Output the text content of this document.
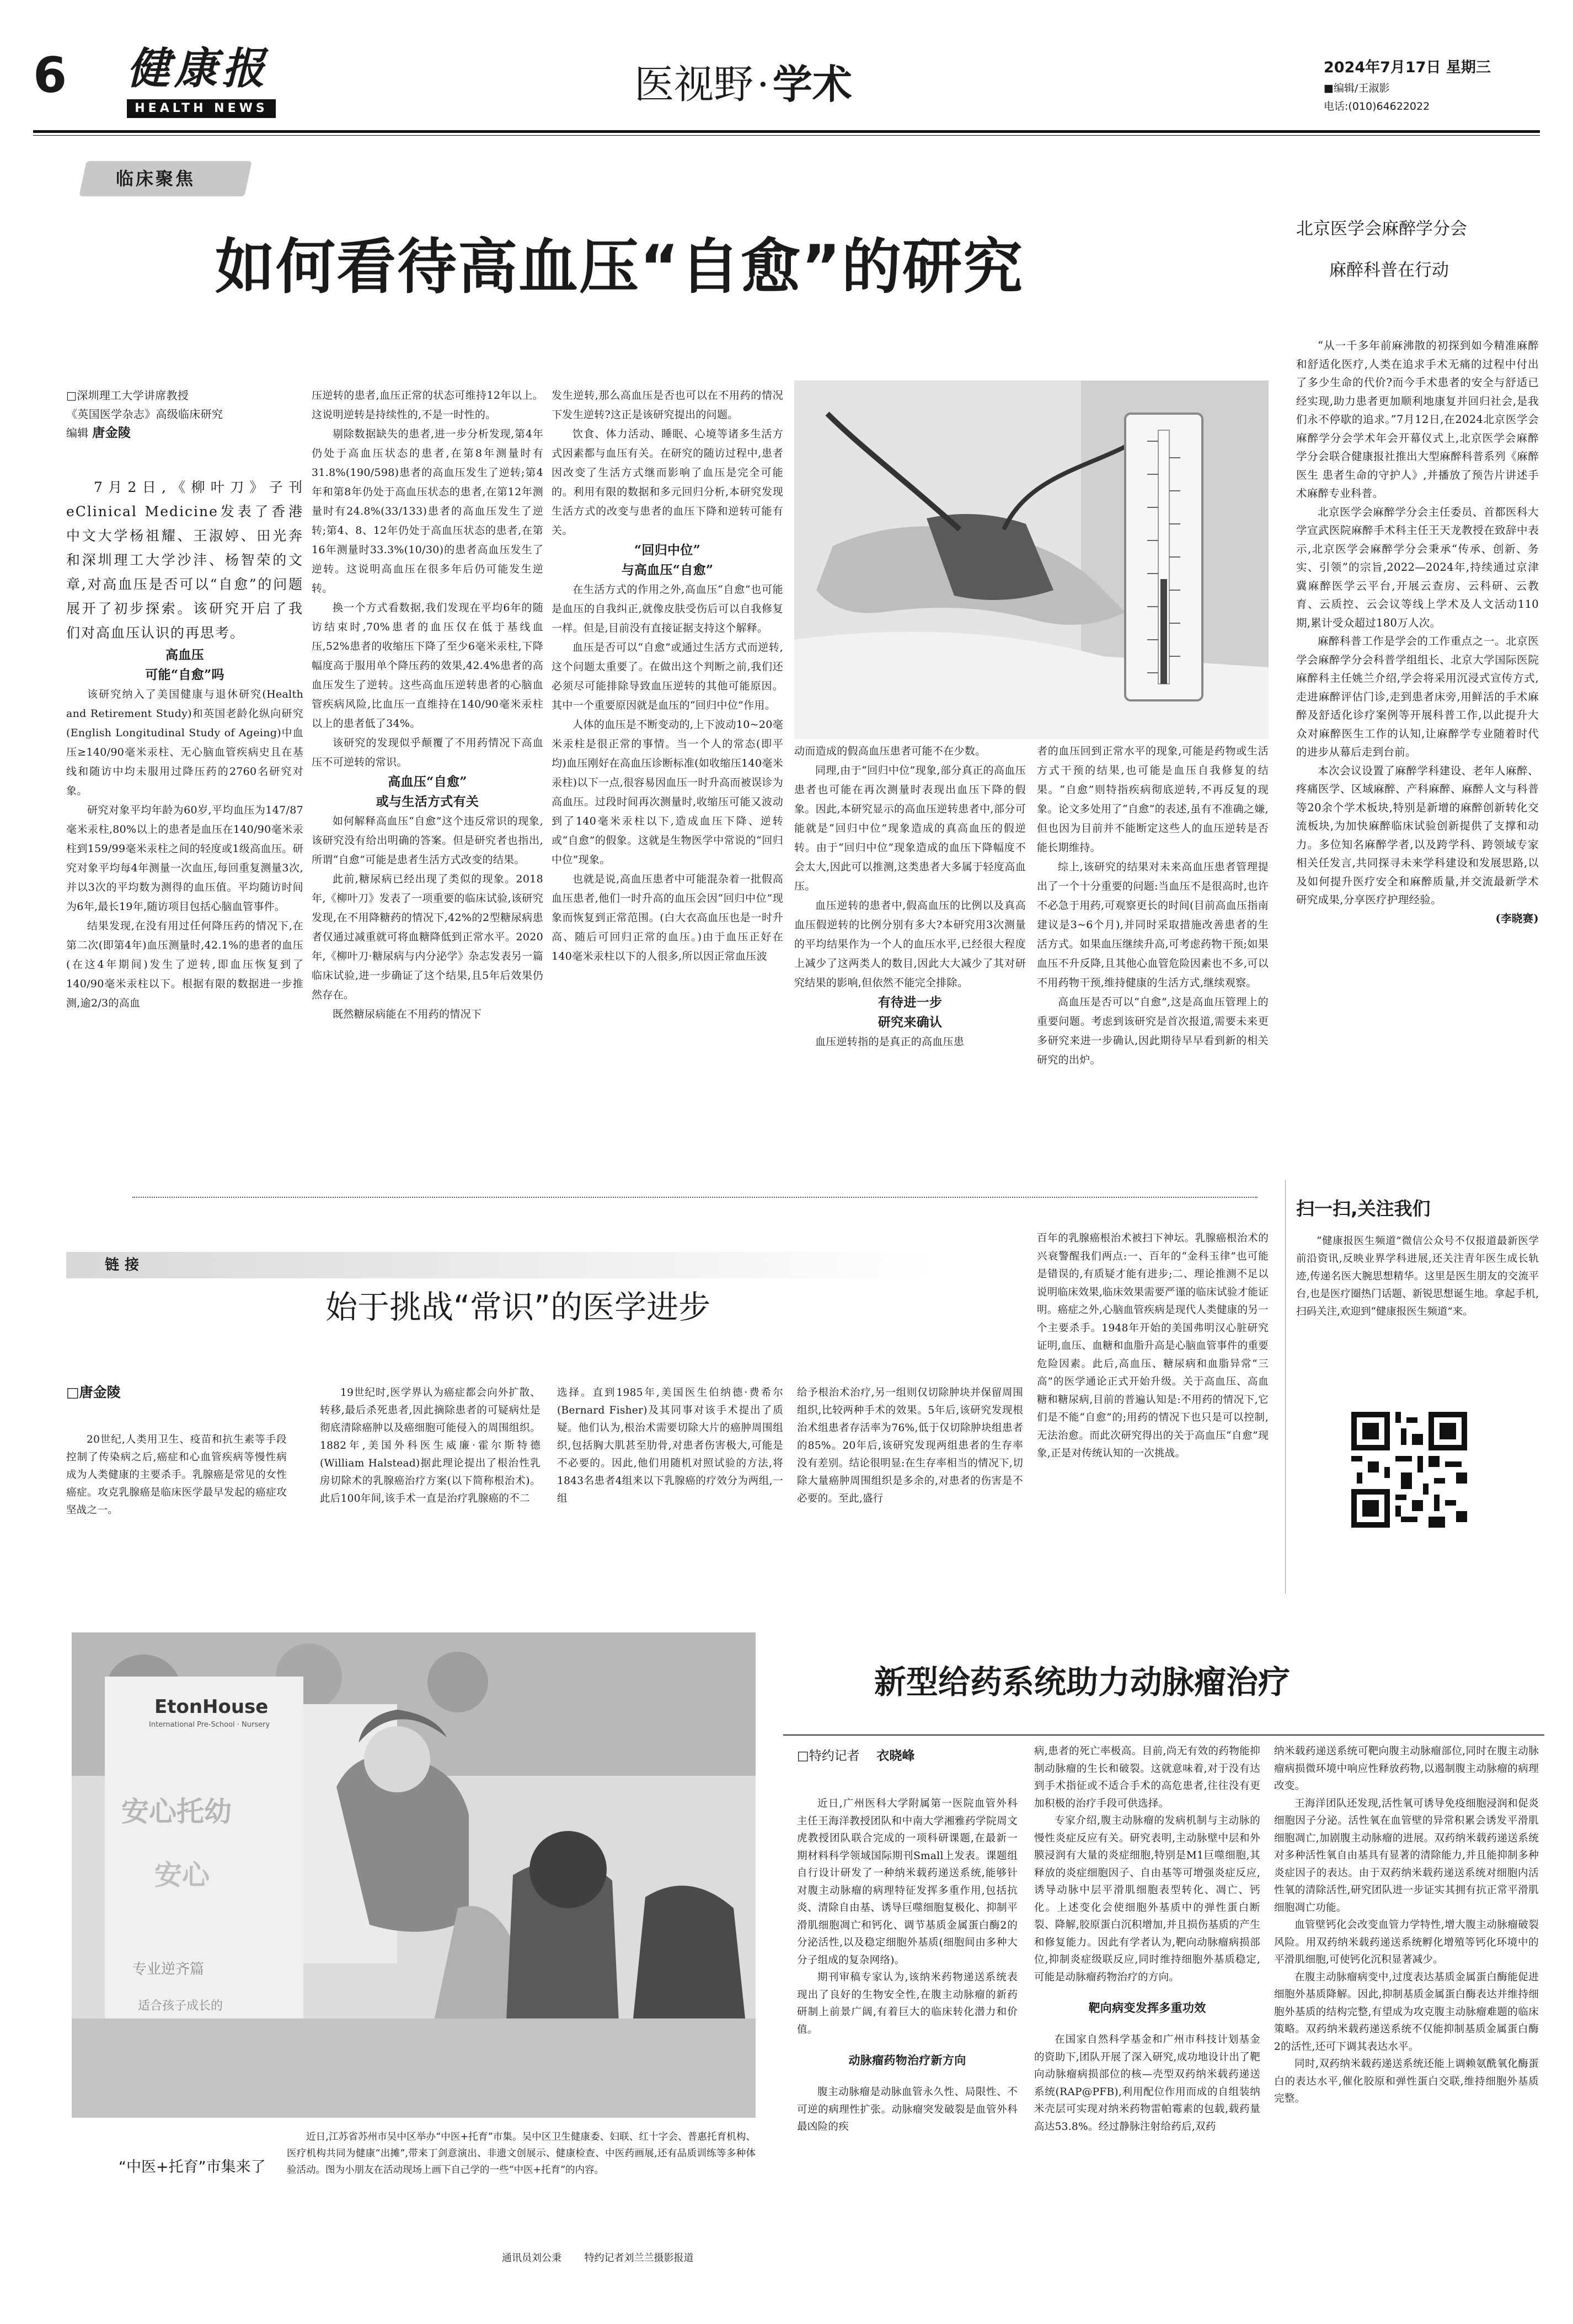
6 健康报
HEALTH NEWS
医视野·学术	2024年7月17日 星期三
■编辑/王淑影
电话:(010)64622022
临床聚焦
如何看待高血压“自愈”的研究
□深圳理工大学讲席教授
《英国医学杂志》高级临床研究
编辑 唐金陵

7月2日,《柳叶刀》子刊eClinical Medicine发表了香港中文大学杨祖耀、王淑婷、田光奔和深圳理工大学沙沣、杨智荣的文章,对高血压是否可以“自愈”的问题展开了初步探索。该研究开启了我们对高血压认识的再思考。

高血压

可能“自愈”吗

该研究纳入了美国健康与退休研究(Health and Retirement Study)和英国老龄化纵向研究(English Longitudinal Study of Ageing)中血压≥140/90毫米汞柱、无心脑血管疾病史且在基线和随访中均未服用过降压药的2760名研究对象。

研究对象平均年龄为60岁,平均血压为147/87毫米汞柱,80%以上的患者是血压在140/90毫米汞柱到159/99毫米汞柱之间的轻度或1级高血压。研究对象平均每4年测量一次血压,每回重复测量3次,并以3次的平均数为测得的血压值。平均随访时间为6年,最长19年,随访项目包括心脑血管事件。

结果发现,在没有用过任何降压药的情况下,在第二次(即第4年)血压测量时,42.1%的患者的血压(在这4年期间)发生了逆转,即血压恢复到了140/90毫米汞柱以下。根据有限的数据进一步推测,逾2/3的高血

压逆转的患者,血压正常的状态可维持12年以上。这说明逆转是持续性的,不是一时性的。

剔除数据缺失的患者,进一步分析发现,第4年仍处于高血压状态的患者,在第8年测量时有31.8%(190/598)患者的高血压发生了逆转;第4年和第8年仍处于高血压状态的患者,在第12年测量时有24.8%(33/133)患者的高血压发生了逆转;第4、8、12年仍处于高血压状态的患者,在第16年测量时33.3%(10/30)的患者高血压发生了逆转。这说明高血压在很多年后仍可能发生逆转。

换一个方式看数据,我们发现在平均6年的随访结束时,70%患者的血压仅在低于基线血压,52%患者的收缩压下降了至少6毫米汞柱,下降幅度高于服用单个降压药的效果,42.4%患者的高血压发生了逆转。这些高血压逆转患者的心脑血管疾病风险,比血压一直维持在140/90毫米汞柱以上的患者低了34%。

该研究的发现似乎颠覆了不用药情况下高血压不可逆转的常识。

高血压“自愈”

或与生活方式有关

如何解释高血压“自愈”这个违反常识的现象,该研究没有给出明确的答案。但是研究者也指出,所谓“自愈”可能是患者生活方式改变的结果。

此前,糖尿病已经出现了类似的现象。2018年,《柳叶刀》发表了一项重要的临床试验,该研究发现,在不用降糖药的情况下,42%的2型糖尿病患者仅通过减重就可将血糖降低到正常水平。2020年,《柳叶刀·糖尿病与内分泌学》杂志发表另一篇临床试验,进一步确证了这个结果,且5年后效果仍然存在。

既然糖尿病能在不用药的情况下

发生逆转,那么高血压是否也可以在不用药的情况下发生逆转?这正是该研究提出的问题。

饮食、体力活动、睡眠、心境等诸多生活方式因素都与血压有关。在研究的随访过程中,患者因改变了生活方式继而影响了血压是完全可能的。利用有限的数据和多元回归分析,本研究发现生活方式的改变与患者的血压下降和逆转可能有关。

“回归中位”

与高血压“自愈”

在生活方式的作用之外,高血压“自愈”也可能是血压的自我纠正,就像皮肤受伤后可以自我修复一样。但是,目前没有直接证据支持这个解释。

血压是否可以“自愈”或通过生活方式而逆转,这个问题太重要了。在做出这个判断之前,我们还必须尽可能排除导致血压逆转的其他可能原因。其中一个重要原因就是血压的“回归中位”作用。

人体的血压是不断变动的,上下波动10~20毫米汞柱是很正常的事情。当一个人的常态(即平均)血压刚好在高血压诊断标准(如收缩压140毫米汞柱)以下一点,很容易因血压一时升高而被误诊为高血压。过段时间再次测量时,收缩压可能又波动到了140毫米汞柱以下,造成血压下降、逆转或“自愈”的假象。这就是生物医学中常说的“回归中位”现象。

也就是说,高血压患者中可能混杂着一批假高血压患者,他们一时升高的血压会因“回归中位”现象而恢复到正常范围。(白大衣高血压也是一时升高、随后可回归正常的血压。)由于血压正好在140毫米汞柱以下的人很多,所以因正常血压波

动而造成的假高血压患者可能不在少数。

同理,由于“回归中位”现象,部分真正的高血压患者也可能在再次测量时表现出血压下降的假象。因此,本研究显示的高血压逆转患者中,部分可能就是“回归中位”现象造成的真高血压的假逆转。由于“回归中位”现象造成的血压下降幅度不会太大,因此可以推测,这类患者大多属于轻度高血压。

血压逆转的患者中,假高血压的比例以及真高血压假逆转的比例分别有多大?本研究用3次测量的平均结果作为一个人的血压水平,已经很大程度上减少了这两类人的数目,因此大大减少了其对研究结果的影响,但依然不能完全排除。

有待进一步

研究来确认

血压逆转指的是真正的高血压患

者的血压回到正常水平的现象,可能是药物或生活方式干预的结果,也可能是血压自我修复的结果。“自愈”则特指疾病彻底逆转,不再反复的现象。论文多处用了“自愈”的表述,虽有不准确之嫌,但也因为目前并不能断定这些人的血压逆转是否能长期维持。

综上,该研究的结果对未来高血压患者管理提出了一个十分重要的问题:当血压不是很高时,也许不必急于用药,可观察更长的时间(目前高血压指南建议是3~6个月),并同时采取措施改善患者的生活方式。如果血压继续升高,可考虑药物干预;如果血压不升反降,且其他心血管危险因素也不多,可以不用药物干预,维持健康的生活方式,继续观察。

高血压是否可以“自愈”,这是高血压管理上的重要问题。考虑到该研究是首次报道,需要未来更多研究来进一步确认,因此期待早早看到新的相关研究的出炉。

北京医学会麻醉学分会
麻醉科普在行动

“从一千多年前麻沸散的初探到如今精准麻醉和舒适化医疗,人类在追求手术无痛的过程中付出了多少生命的代价?而今手术患者的安全与舒适已经实现,助力患者更加顺利地康复并回归社会,是我们永不停歇的追求。”7月12日,在2024北京医学会麻醉学分会学术年会开幕仪式上,北京医学会麻醉学分会联合健康报社推出大型麻醉科普系列《麻醉医生 患者生命的守护人》,并播放了预告片讲述手术麻醉专业科普。

北京医学会麻醉学分会主任委员、首都医科大学宣武医院麻醉手术科主任王天龙教授在致辞中表示,北京医学会麻醉学分会秉承“传承、创新、务实、引领”的宗旨,2022—2024年,持续通过京津冀麻醉医学云平台,开展云查房、云科研、云教育、云质控、云会议等线上学术及人文活动110期,累计受众超过180万人次。

麻醉科普工作是学会的工作重点之一。北京医学会麻醉学分会科普学组组长、北京大学国际医院麻醉科主任姚兰介绍,学会将采用沉浸式宣传方式,走进麻醉评估门诊,走到患者床旁,用鲜活的手术麻醉及舒适化诊疗案例等开展科普工作,以此提升大众对麻醉医生工作的认知,让麻醉学专业随着时代的进步从幕后走到台前。

本次会议设置了麻醉学科建设、老年人麻醉、疼痛医学、区域麻醉、产科麻醉、麻醉人文与科普等20余个学术板块,特别是新增的麻醉创新转化交流板块,为加快麻醉临床试验创新提供了支撑和动力。多位知名麻醉学者,以及跨学科、跨领域专家相关任发言,共同探寻未来学科建设和发展思路,以及如何提升医疗安全和麻醉质量,并交流最新学术研究成果,分享医疗护理经验。

(李晓赛)
扫一扫,关注我们
“健康报医生频道”微信公众号不仅报道最新医学前沿资讯,反映业界学科进展,还关注青年医生成长轨迹,传递名医大腕思想精华。这里是医生朋友的交流平台,也是医疗圈热门话题、新锐思想诞生地。拿起手机,扫码关注,欢迎到“健康报医生频道”来。
链接
始于挑战“常识”的医学进步
□唐金陵

20世纪,人类用卫生、疫苗和抗生素等手段控制了传染病之后,癌症和心血管疾病等慢性病成为人类健康的主要杀手。乳腺癌是常见的女性癌症。攻克乳腺癌是临床医学最早发起的癌症攻坚战之一。

19世纪时,医学界认为癌症都会向外扩散、转移,最后杀死患者,因此摘除患者的可疑病灶是彻底清除癌肿以及癌细胞可能侵入的周围组织。1882年,美国外科医生威廉·霍尔斯特德(William Halstead)据此理论提出了根治性乳房切除术的乳腺癌治疗方案(以下简称根治术)。此后100年间,该手术一直是治疗乳腺癌的不二

选择。直到1985年,美国医生伯纳德·费希尔(Bernard Fisher)及其同事对该手术提出了质疑。他们认为,根治术需要切除大片的癌肿周围组织,包括胸大肌甚至肋骨,对患者伤害极大,可能是不必要的。因此,他们用随机对照试验的方法,将1843名患者4组来以下乳腺癌的疗效分为两组,一组

给予根治术治疗,另一组则仅切除肿块并保留周围组织,比较两种手术的效果。5年后,该研究发现根治术组患者存活率为76%,低于仅切除肿块组患者的85%。20年后,该研究发现两组患者的生存率没有差别。结论很明显:在生存率相当的情况下,切除大量癌肿周围组织是多余的,对患者的伤害是不必要的。至此,盛行

百年的乳腺癌根治术被扫下神坛。乳腺癌根治术的兴衰警醒我们两点:一、百年的“金科玉律”也可能是错误的,有质疑才能有进步;二、理论推测不足以说明临床效果,临床效果需要严谨的临床试验才能证明。癌症之外,心脑血管疾病是现代人类健康的另一个主要杀手。1948年开始的美国弗明汉心脏研究证明,血压、血糖和血脂升高是心脑血管事件的重要危险因素。此后,高血压、糖尿病和血脂异常“三高”的医学通论正式开始升级。关于高血压、高血糖和糖尿病,目前的普遍认知是:不用药的情况下,它们是不能“自愈”的;用药的情况下也只是可以控制,无法治愈。而此次研究得出的关于高血压“自愈”现象,正是对传统认知的一次挑战。

EtonHouse
International Pre-School · Nursery
安心托幼
安心
专业逆齐篇
适合孩子成长的
近日,江苏省苏州市吴中区举办“中医+托育”市集。吴中区卫生健康委、妇联、红十字会、普惠托育机构、医疗机构共同为健康“出摊”,带来丁剑意演出、非遗文创展示、健康检查、中医药画展,还有品质训练等多种体验活动。图为小朋友在活动现场上画下自己学的一些“中医+托育”的内容。
“中医+托育”市集来了
通讯员刘公秉 特约记者刘兰兰摄影报道
新型给药系统助力动脉瘤治疗
□特约记者 衣晓峰

近日,广州医科大学附属第一医院血管外科主任王海洋教授团队和中南大学湘雅药学院周文虎教授团队联合完成的一项科研课题,在最新一期材料科学领域国际期刊Small上发表。课题组自行设计研发了一种纳米载药递送系统,能够针对腹主动脉瘤的病理特征发挥多重作用,包括抗炎、清除自由基、诱导巨噬细胞复极化、抑制平滑肌细胞凋亡和钙化、调节基质金属蛋白酶2的分泌活性,以及稳定细胞外基质(细胞间由多种大分子组成的复杂网络)。

期刊审稿专家认为,该纳米药物递送系统表现出了良好的生物安全性,在腹主动脉瘤的新药研制上前景广阔,有着巨大的临床转化潜力和价值。

动脉瘤药物治疗新方向

腹主动脉瘤是动脉血管永久性、局限性、不可逆的病理性扩张。动脉瘤突发破裂是血管外科最凶险的疾

病,患者的死亡率极高。目前,尚无有效的药物能抑制动脉瘤的生长和破裂。这就意味着,对于没有达到手术指征或不适合手术的高危患者,往往没有更加积极的治疗手段可供选择。

专家介绍,腹主动脉瘤的发病机制与主动脉的慢性炎症反应有关。研究表明,主动脉壁中层和外膜浸润有大量的炎症细胞,特别是M1巨噬细胞,其释放的炎症细胞因子、自由基等可增强炎症反应,诱导动脉中层平滑肌细胞表型转化、凋亡、钙化。上述变化会使细胞外基质中的弹性蛋白断裂、降解,胶原蛋白沉积增加,并且损伤基质的产生和修复能力。因此有学者认为,靶向动脉瘤病损部位,抑制炎症级联反应,同时维持细胞外基质稳定,可能是动脉瘤药物治疗的方向。

靶向病变发挥多重功效

在国家自然科学基金和广州市科技计划基金的资助下,团队开展了深入研究,成功地设计出了靶向动脉瘤病损部位的核—壳型双药纳米载药递送系统(RAP@PFB),利用配位作用而成的自组装纳米壳层可实现对纳米药物雷帕霉素的包载,载药量高达53.8%。经过静脉注射给药后,双药

纳米载药递送系统可靶向腹主动脉瘤部位,同时在腹主动脉瘤病损微环境中响应性释放药物,以遏制腹主动脉瘤的病理改变。

王海洋团队还发现,活性氧可诱导免疫细胞浸润和促炎细胞因子分泌。活性氧在血管壁的异常积累会诱发平滑肌细胞凋亡,加剧腹主动脉瘤的进展。双药纳米载药递送系统对多种活性氧自由基具有显著的清除能力,并且能抑制多种炎症因子的表达。由于双药纳米载药递送系统对细胞内活性氧的清除活性,研究团队进一步证实其拥有抗正常平滑肌细胞凋亡功能。

血管壁钙化会改变血管力学特性,增大腹主动脉瘤破裂风险。用双药纳米载药递送系统孵化增殖等钙化环境中的平滑肌细胞,可使钙化沉积显著减少。

在腹主动脉瘤病变中,过度表达基质金属蛋白酶能促进细胞外基质降解。因此,抑制基质金属蛋白酶表达并维持细胞外基质的结构完整,有望成为攻克腹主动脉瘤难题的临床策略。双药纳米载药递送系统不仅能抑制基质金属蛋白酶2的活性,还可下调其表达水平。

同时,双药纳米载药递送系统还能上调赖氨酰氧化酶蛋白的表达水平,催化胶原和弹性蛋白交联,维持细胞外基质完整。
